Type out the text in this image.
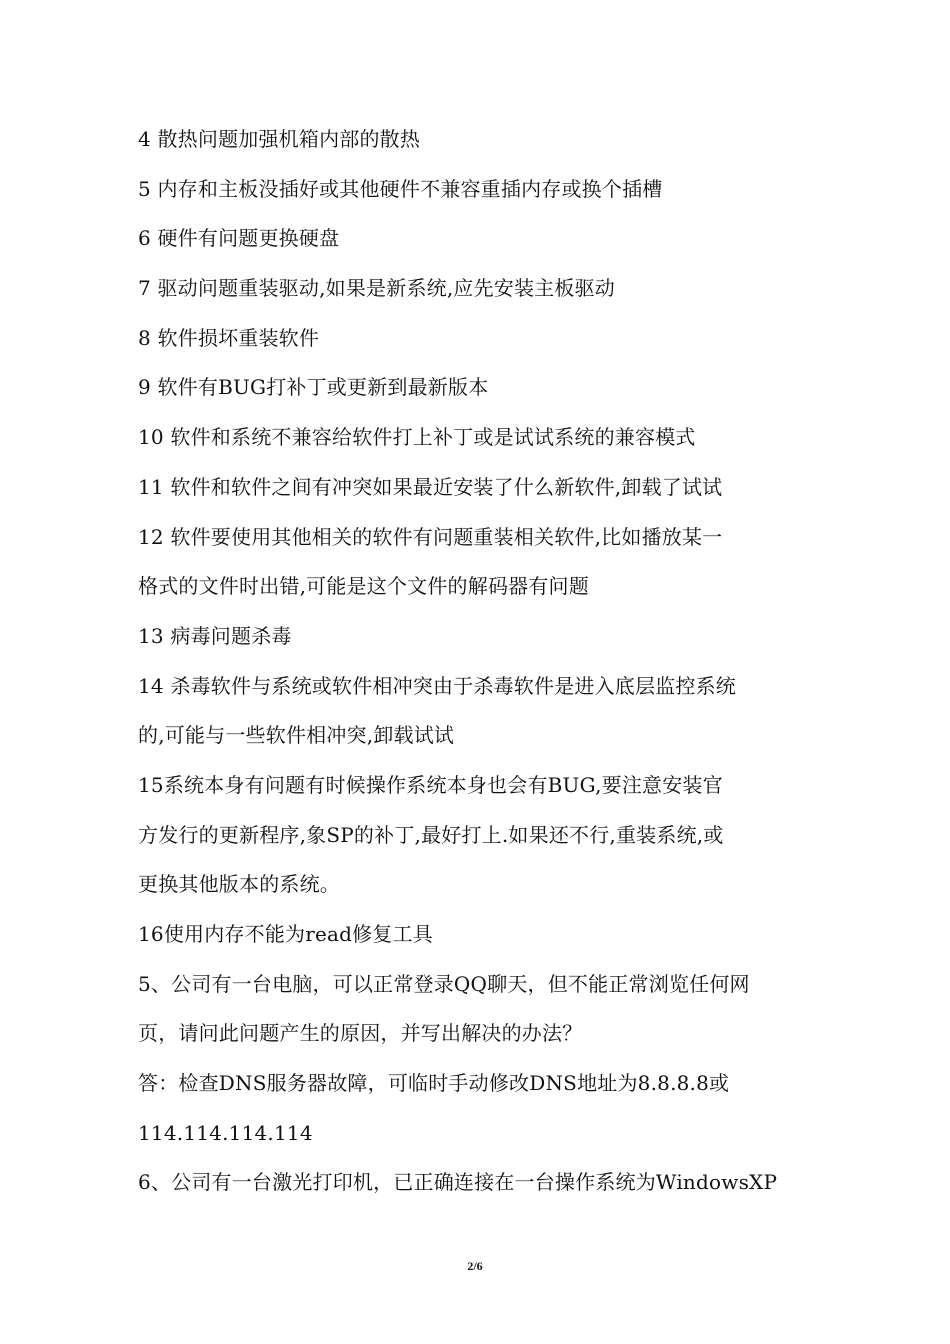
4 散热问题加强机箱内部的散热
5 内存和主板没插好或其他硬件不兼容重插内存或换个插槽
6 硬件有问题更换硬盘
7 驱动问题重装驱动,如果是新系统,应先安装主板驱动
8 软件损坏重装软件
9 软件有BUG打补丁或更新到最新版本
10 软件和系统不兼容给软件打上补丁或是试试系统的兼容模式
11 软件和软件之间有冲突如果最近安装了什么新软件,卸载了试试
12 软件要使用其他相关的软件有问题重装相关软件,比如播放某一
格式的文件时出错,可能是这个文件的解码器有问题
13 病毒问题杀毒
14 杀毒软件与系统或软件相冲突由于杀毒软件是进入底层监控系统
的,可能与一些软件相冲突,卸载试试
15系统本身有问题有时候操作系统本身也会有BUG,要注意安装官
方发行的更新程序,象SP的补丁,最好打上.如果还不行,重装系统,或
更换其他版本的系统。
16使用内存不能为read修复工具
5、公司有一台电脑，可以正常登录QQ聊天，但不能正常浏览任何网
页，请问此问题产生的原因，并写出解决的办法？
答：检查DNS服务器故障，可临时手动修改DNS地址为8.8.8.8或
114.114.114.114
6、公司有一台激光打印机，已正确连接在一台操作系统为WindowsXP
2/6
